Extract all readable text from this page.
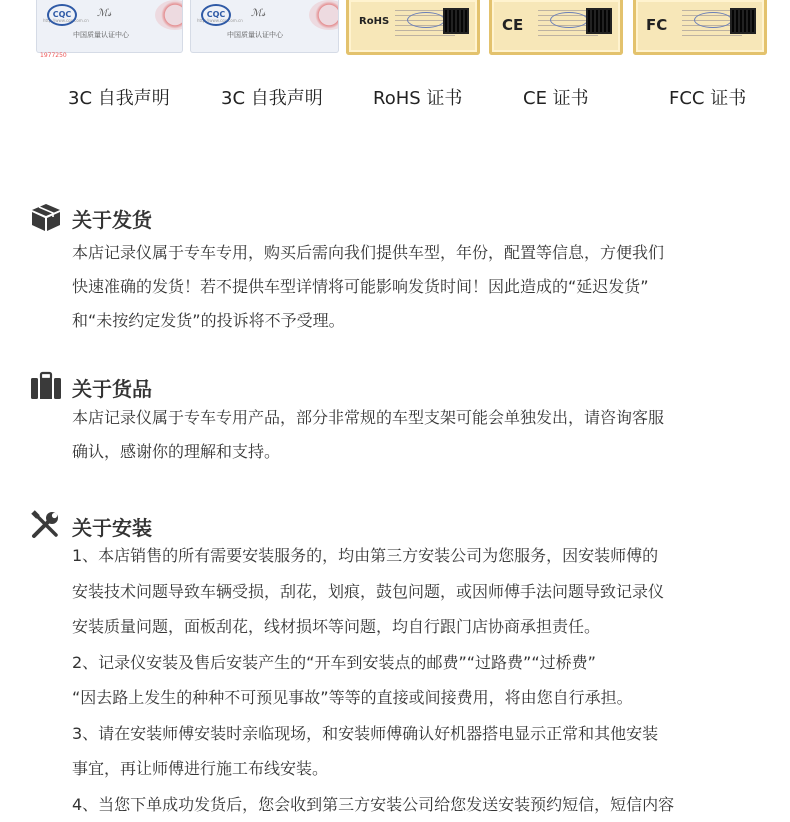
http://www.cqc.com.cn
CQC	ℳ𝓈
中国质量认证中心
1977250
http://www.cqc.com.cn
CQC	ℳ𝓈
中国质量认证中心
RoHS	CE	FC
3C 自我声明	3C 自我声明	RoHS 证书	CE 证书	FCC 证书
关于发货

本店记录仪属于专车专用，购买后需向我们提供车型，年份，配置等信息，方便我们

快速准确的发货！若不提供车型详情将可能影响发货时间！因此造成的“延迟发货”

和“未按约定发货”的投诉将不予受理。

关于货品

本店记录仪属于专车专用产品，部分非常规的车型支架可能会单独发出，请咨询客服

确认，感谢你的理解和支持。

关于安装

1、本店销售的所有需要安装服务的，均由第三方安装公司为您服务，因安装师傅的

安装技术问题导致车辆受损，刮花，划痕，鼓包问题，或因师傅手法问题导致记录仪

安装质量问题，面板刮花，线材损坏等问题，均自行跟门店协商承担责任。

2、记录仪安装及售后安装产生的“开车到安装点的邮费”“过路费”“过桥费”

“因去路上发生的种种不可预见事故”等等的直接或间接费用，将由您自行承担。

3、请在安装师傅安装时亲临现场，和安装师傅确认好机器搭电显示正常和其他安装

事宜，再让师傅进行施工布线安装。

4、当您下单成功发货后，您会收到第三方安装公司给您发送安装预约短信，短信内容
